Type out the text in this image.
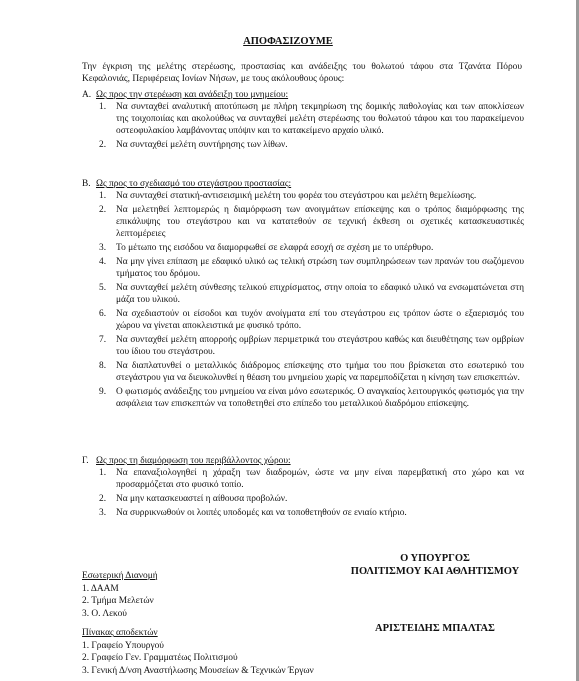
ΑΠΟΦΑΣΙΖΟΥΜΕ
Την έγκριση της μελέτης στερέωσης, προστασίας και ανάδειξης του θολωτού τάφου στα Τζανάτα Πόρου Κεφαλονιάς, Περιφέρειας Ιονίων Νήσων, με τους ακόλουθους όρους:
Α. Ως προς την στερέωση και ανάδειξη του μνημείου:
1.	Να συνταχθεί αναλυτική αποτύπωση με πλήρη τεκμηρίωση της δομικής παθολογίας και των αποκλίσεων της τοιχοποιίας και ακολούθως να συνταχθεί μελέτη στερέωσης του θολωτού τάφου και του παρακείμενου οστεοφυλακίου λαμβάνοντας υπόψιν και το κατακείμενο αρχαίο υλικό.
2.	Να συνταχθεί μελέτη συντήρησης των λίθων.
Β. Ως προς το σχεδιασμό του στεγάστρου προστασίας:
1.	Να συνταχθεί στατική-αντισεισμική μελέτη του φορέα του στεγάστρου και μελέτη θεμελίωσης.
2.	Να μελετηθεί λεπτομερώς η διαμόρφωση των ανοιγμάτων επίσκεψης και ο τρόπος διαμόρφωσης της επικάλυψης του στεγάστρου και να κατατεθούν σε τεχνική έκθεση οι σχετικές κατασκευαστικές λεπτομέρειες
3.	Το μέτωπο της εισόδου να διαμορφωθεί σε ελαφρά εσοχή σε σχέση με το υπέρθυρο.
4.	Να μην γίνει επίπαση με εδαφικό υλικό ως τελική στρώση των συμπληρώσεων των πρανών του σωζόμενου τμήματος του δρόμου.
5.	Να συνταχθεί μελέτη σύνθεσης τελικού επιχρίσματος, στην οποία το εδαφικό υλικό να ενσωματώνεται στη μάζα του υλικού.
6.	Να σχεδιαστούν οι είσοδοι και τυχόν ανοίγματα επί του στεγάστρου εις τρόπον ώστε ο εξαερισμός του χώρου να γίνεται αποκλειστικά με φυσικό τρόπο.
7.	Να συνταχθεί μελέτη απορροής ομβρίων περιμετρικά του στεγάστρου καθώς και διευθέτησης των ομβρίων του ίδιου του στεγάστρου.
8.	Να διαπλατυνθεί ο μεταλλικός διάδρομος επίσκεψης στο τμήμα του που βρίσκεται στο εσωτερικό του στεγάστρου για να διευκολυνθεί η θέαση του μνημείου χωρίς να παρεμποδίζεται η κίνηση των επισκεπτών.
9.	Ο φωτισμός ανάδειξης του μνημείου να είναι μόνο εσωτερικός. Ο αναγκαίος λειτουργικός φωτισμός για την ασφάλεια των επισκεπτών να τοποθετηθεί στο επίπεδο του μεταλλικού διαδρόμου επίσκεψης.
Γ. Ως προς τη διαμόρφωση του περιβάλλοντος χώρου:
1.	Να επαναξιολογηθεί η χάραξη των διαδρομών, ώστε να μην είναι παρεμβατική στο χώρο και να προσαρμόζεται στο φυσικό τοπίο.
2.	Να μην κατασκευαστεί η αίθουσα προβολών.
3.	Να συρρικνωθούν οι λοιπές υποδομές και να τοποθετηθούν σε ενιαίο κτήριο.
Ο ΥΠΟΥΡΓΟΣ
ΠΟΛΙΤΙΣΜΟΥ ΚΑΙ ΑΘΛΗΤΙΣΜΟΥ
ΑΡΙΣΤΕΙΔΗΣ ΜΠΑΛΤΑΣ
Εσωτερική Διανομή
1. ΔΑΑΜ
2. Τμήμα Μελετών
3. Ο. Λεκού
Πίνακας αποδεκτών
1. Γραφείο Υπουργού
2. Γραφείο Γεν. Γραμματέως Πολιτισμού
3. Γενική Δ/νση Αναστήλωσης Μουσείων & Τεχνικών Έργων
